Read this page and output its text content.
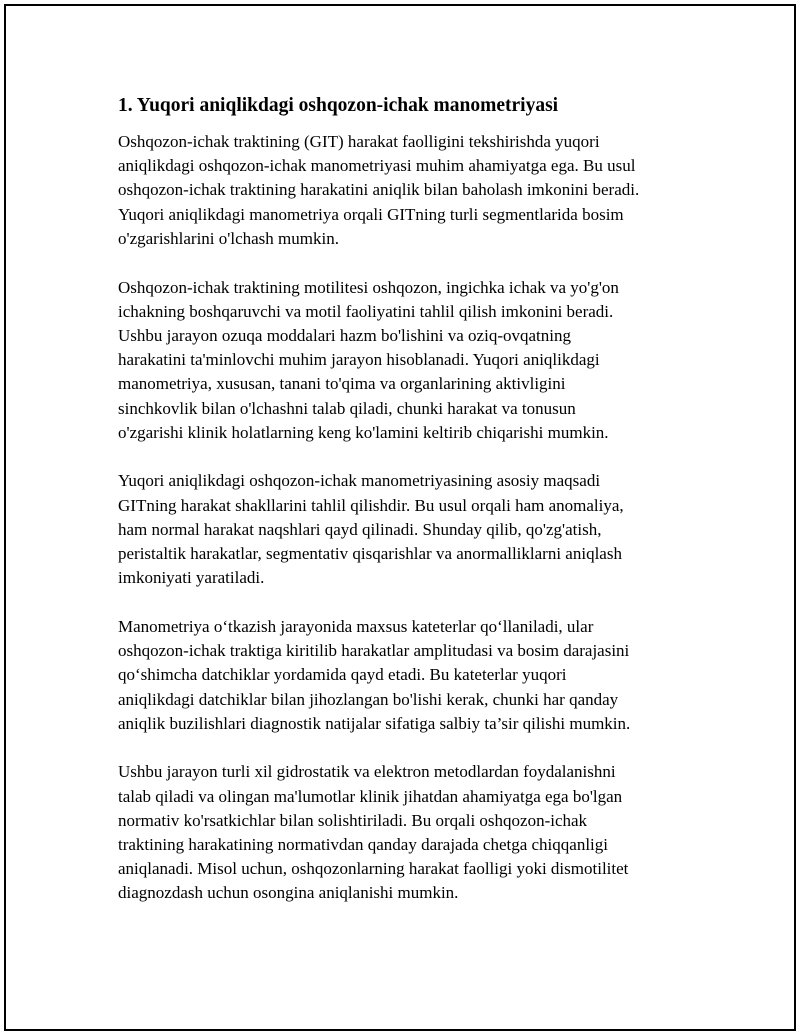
1. Yuqori aniqlikdagi oshqozon-ichak manometriyasi

Oshqozon-ichak traktining (GIT) harakat faolligini tekshirishda yuqori
aniqlikdagi oshqozon-ichak manometriyasi muhim ahamiyatga ega. Bu usul
oshqozon-ichak traktining harakatini aniqlik bilan baholash imkonini beradi.
Yuqori aniqlikdagi manometriya orqali GITning turli segmentlarida bosim
o'zgarishlarini o'lchash mumkin.

Oshqozon-ichak traktining motilitesi oshqozon, ingichka ichak va yo'g'on
ichakning boshqaruvchi va motil faoliyatini tahlil qilish imkonini beradi.
Ushbu jarayon ozuqa moddalari hazm bo'lishini va oziq-ovqatning
harakatini ta'minlovchi muhim jarayon hisoblanadi. Yuqori aniqlikdagi
manometriya, xususan, tanani to'qima va organlarining aktivligini
sinchkovlik bilan o'lchashni talab qiladi, chunki harakat va tonusun
o'zgarishi klinik holatlarning keng ko'lamini keltirib chiqarishi mumkin.

Yuqori aniqlikdagi oshqozon-ichak manometriyasining asosiy maqsadi
GITning harakat shakllarini tahlil qilishdir. Bu usul orqali ham anomaliya,
ham normal harakat naqshlari qayd qilinadi. Shunday qilib, qo'zg'atish,
peristaltik harakatlar, segmentativ qisqarishlar va anormalliklarni aniqlash
imkoniyati yaratiladi.

Manometriya o‘tkazish jarayonida maxsus kateterlar qo‘llaniladi, ular
oshqozon-ichak traktiga kiritilib harakatlar amplitudasi va bosim darajasini
qo‘shimcha datchiklar yordamida qayd etadi. Bu kateterlar yuqori
aniqlikdagi datchiklar bilan jihozlangan bo'lishi kerak, chunki har qanday
aniqlik buzilishlari diagnostik natijalar sifatiga salbiy ta’sir qilishi mumkin.

Ushbu jarayon turli xil gidrostatik va elektron metodlardan foydalanishni
talab qiladi va olingan ma'lumotlar klinik jihatdan ahamiyatga ega bo'lgan
normativ ko'rsatkichlar bilan solishtiriladi. Bu orqali oshqozon-ichak
traktining harakatining normativdan qanday darajada chetga chiqqanligi
aniqlanadi. Misol uchun, oshqozonlarning harakat faolligi yoki dismotilitet
diagnozdash uchun osongina aniqlanishi mumkin.
